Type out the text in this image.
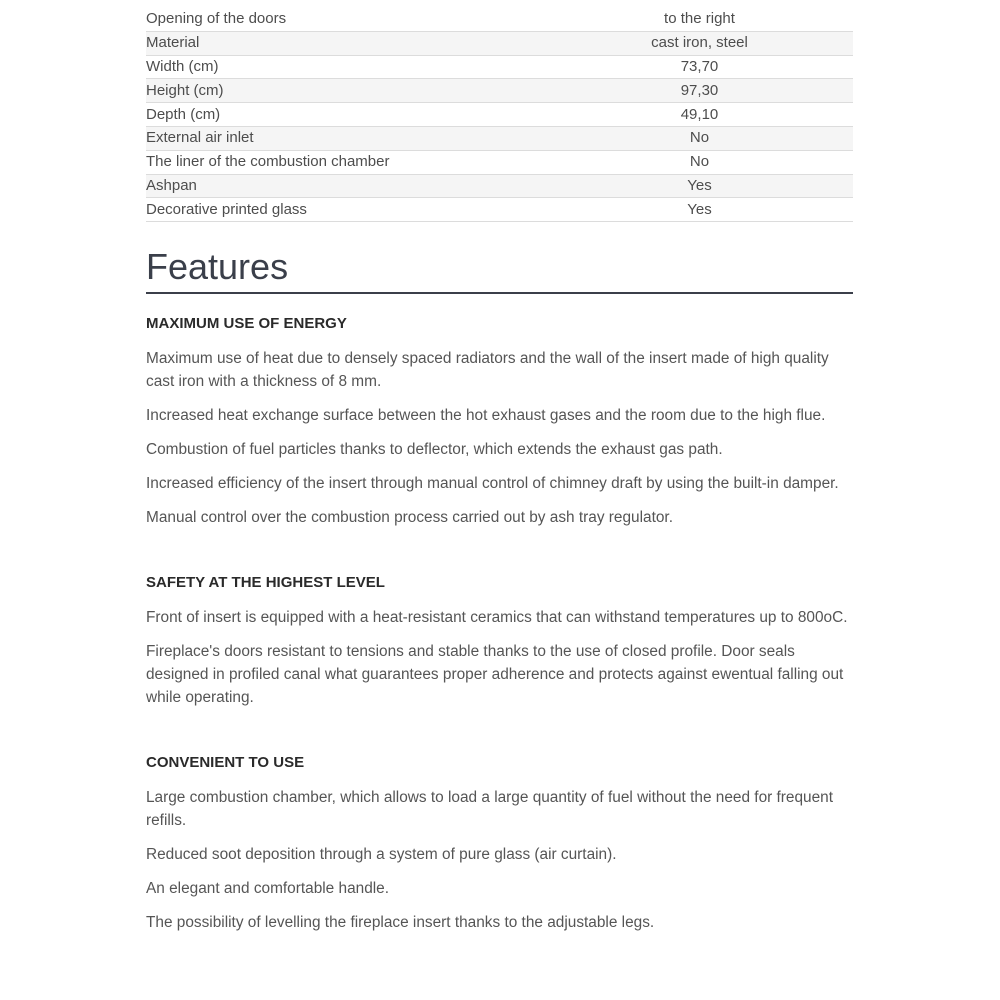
Opening of the doors	to the right
Material	cast iron, steel
Width (cm)	73,70
Height (cm)	97,30
Depth (cm)	49,10
External air inlet	No
The liner of the combustion chamber	No
Ashpan	Yes
Decorative printed glass	Yes
Features
MAXIMUM USE OF ENERGY

Maximum use of heat due to densely spaced radiators and the wall of the insert made of high quality cast iron with a thickness of 8 mm.

Increased heat exchange surface between the hot exhaust gases and the room due to the high flue.

Combustion of fuel particles thanks to deflector, which extends the exhaust gas path.

Increased efficiency of the insert through manual control of chimney draft by using the built-in damper.

Manual control over the combustion process carried out by ash tray regulator.

SAFETY AT THE HIGHEST LEVEL

Front of insert is equipped with a heat-resistant ceramics that can withstand temperatures up to 800oC.

Fireplace's doors resistant to tensions and stable thanks to the use of closed profile. Door seals designed in profiled canal what guarantees proper adherence and protects against ewentual falling out while operating.

CONVENIENT TO USE

Large combustion chamber, which allows to load a large quantity of fuel without the need for frequent refills.

Reduced soot deposition through a system of pure glass (air curtain).

An elegant and comfortable handle.

The possibility of levelling the fireplace insert thanks to the adjustable legs.
